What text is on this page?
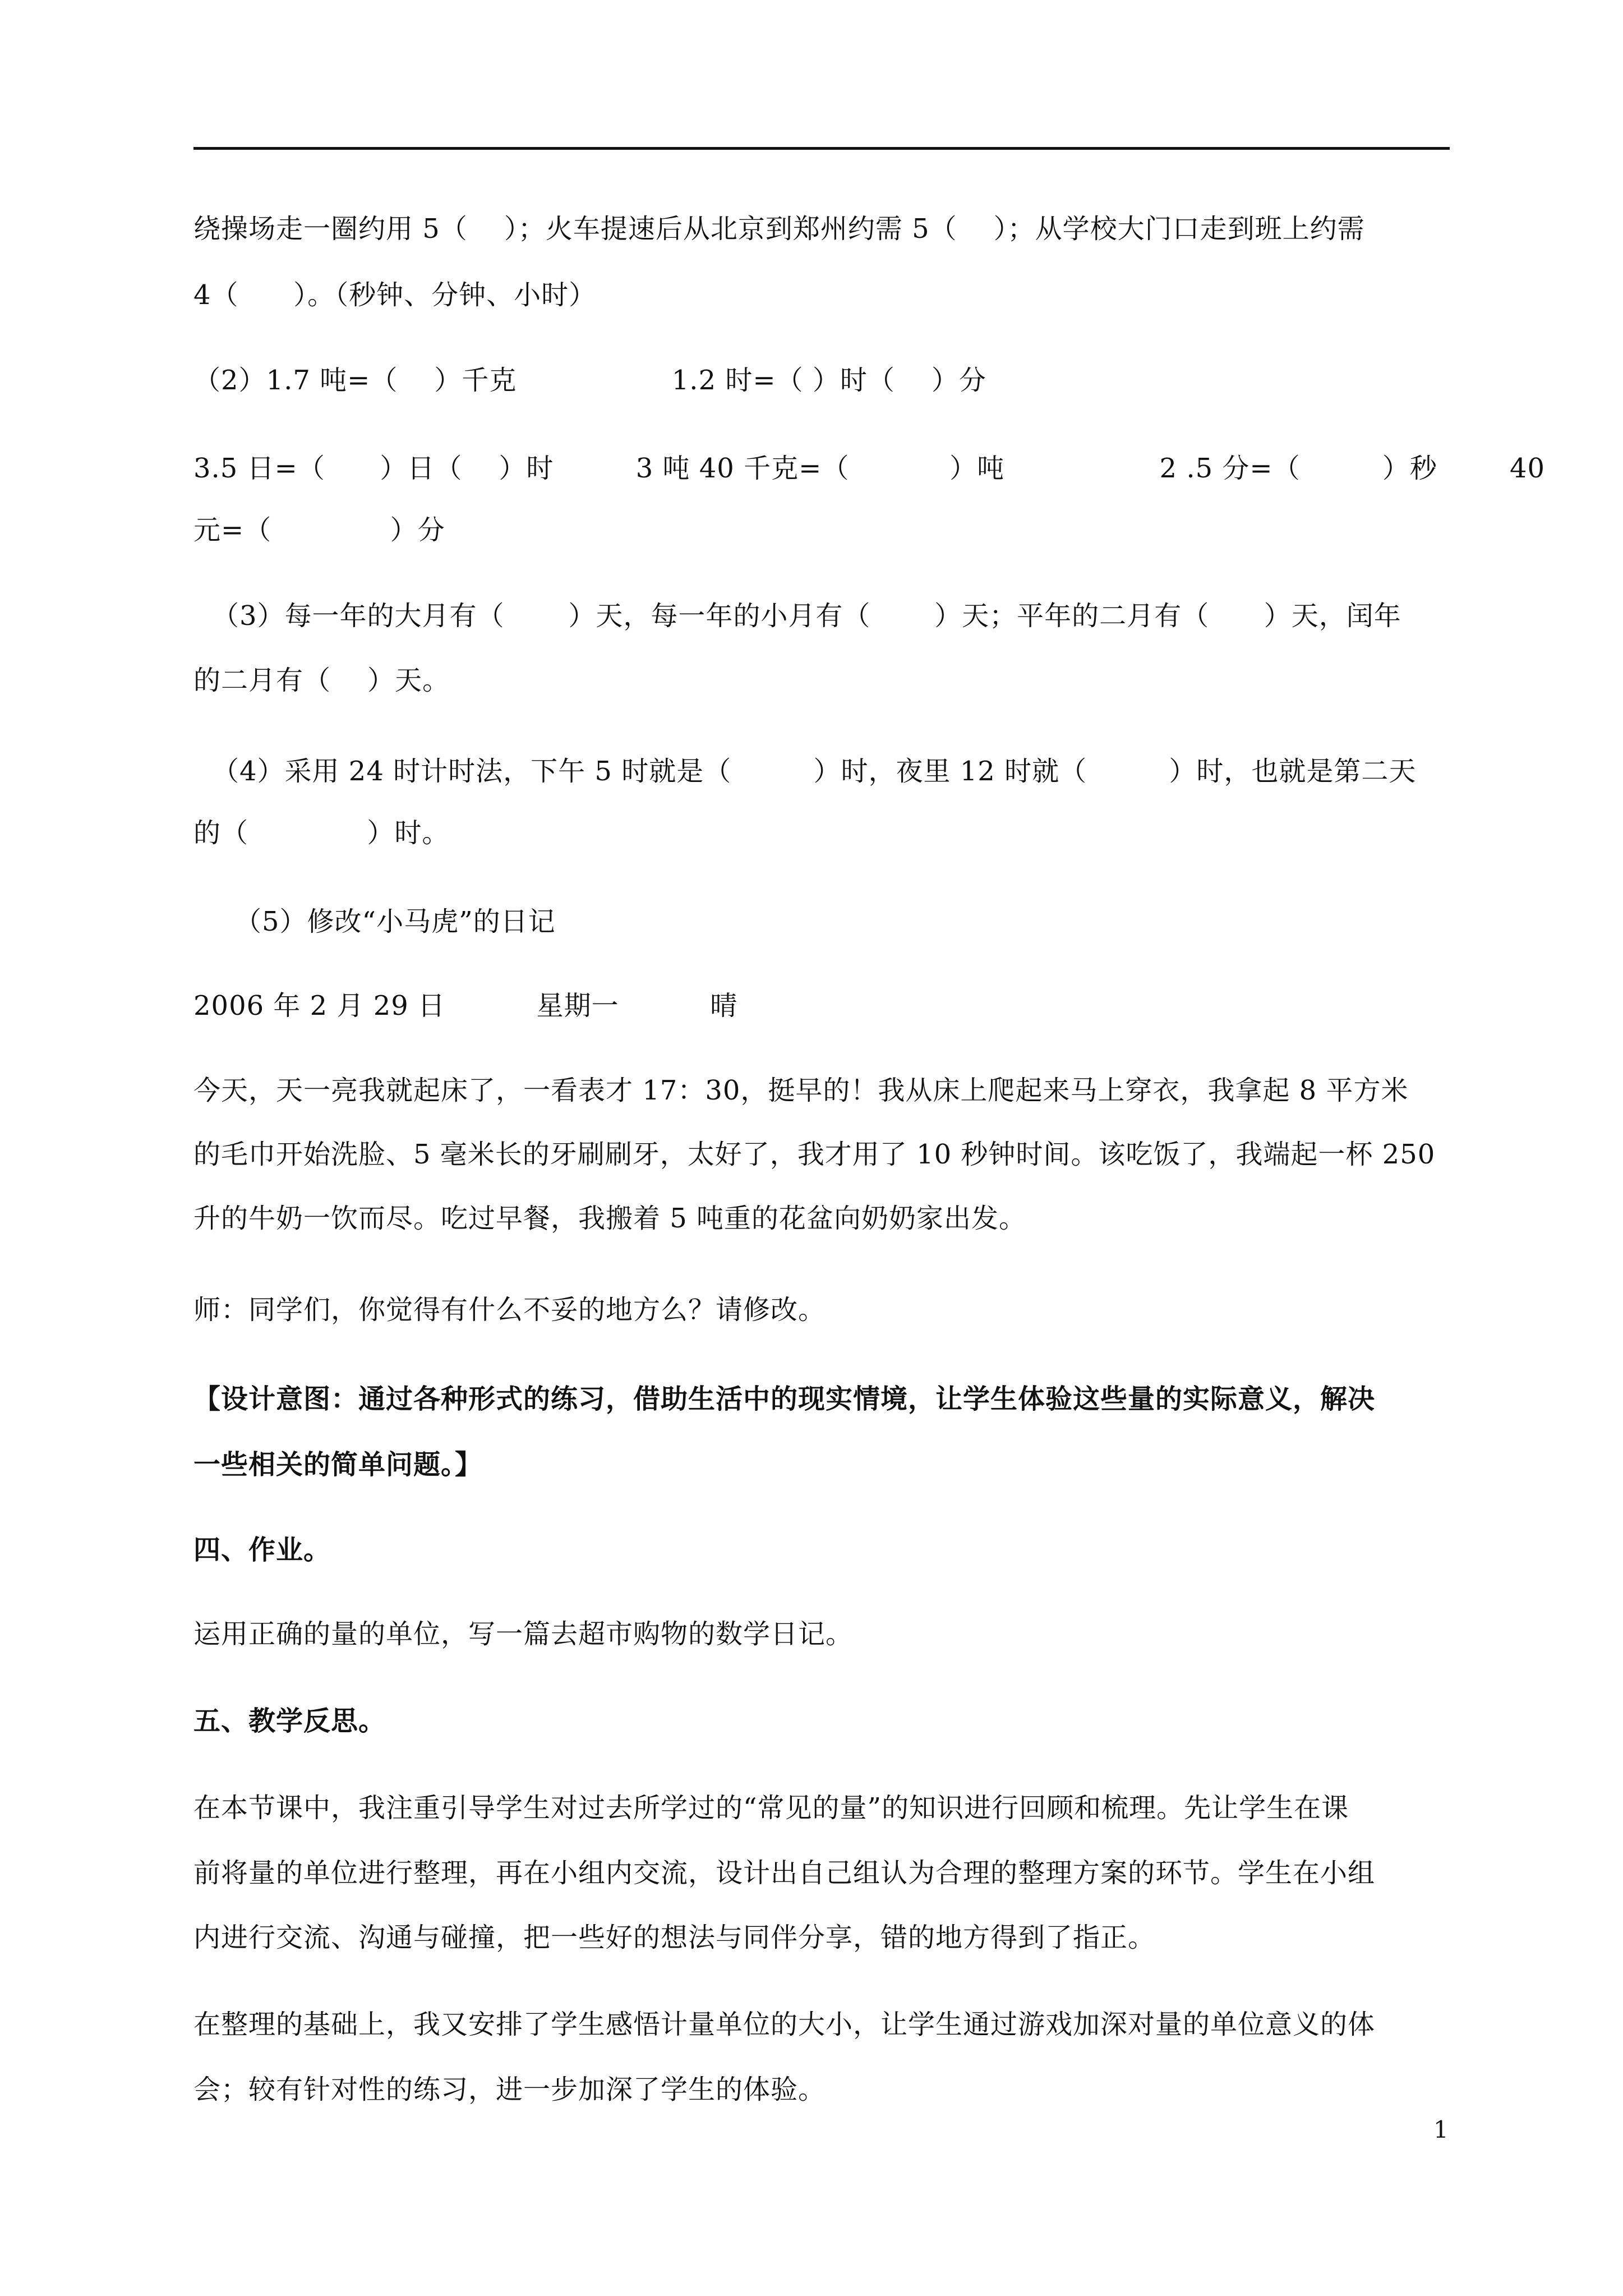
绕操场走一圈约用 5（    ）；火车提速后从北京到郑州约需 5（    ）；从学校大门口走到班上约需
4（      ）。（秒钟、分钟、小时）
（2）1.7 吨=（    ）千克                 1.2 时=（ ）时（    ）分
3.5 日=（      ）日（    ）时         3 吨 40 千克=（           ）吨                 2 .5 分=（         ）秒	40
元=（             ）分
（3）每一年的大月有（       ）天，每一年的小月有（       ）天；平年的二月有（      ）天，闰年
的二月有（    ）天。
（4）采用 24 时计时法，下午 5 时就是（         ）时，夜里 12 时就（         ）时，也就是第二天
的（             ）时。
（5）修改“小马虎”的日记
2006 年 2 月 29 日          星期一          晴
今天，天一亮我就起床了，一看表才 17：30，挺早的！我从床上爬起来马上穿衣，我拿起 8 平方米
的毛巾开始洗脸、5 毫米长的牙刷刷牙，太好了，我才用了 10 秒钟时间。该吃饭了，我端起一杯 250
升的牛奶一饮而尽。吃过早餐，我搬着 5 吨重的花盆向奶奶家出发。
师：同学们，你觉得有什么不妥的地方么？请修改。
【设计意图：通过各种形式的练习，借助生活中的现实情境，让学生体验这些量的实际意义，解决
一些相关的简单问题。】
四、作业。
运用正确的量的单位，写一篇去超市购物的数学日记。
五、教学反思。
在本节课中，我注重引导学生对过去所学过的“常见的量”的知识进行回顾和梳理。先让学生在课
前将量的单位进行整理，再在小组内交流，设计出自己组认为合理的整理方案的环节。学生在小组
内进行交流、沟通与碰撞，把一些好的想法与同伴分享，错的地方得到了指正。
在整理的基础上，我又安排了学生感悟计量单位的大小，让学生通过游戏加深对量的单位意义的体
会；较有针对性的练习，进一步加深了学生的体验。
1
